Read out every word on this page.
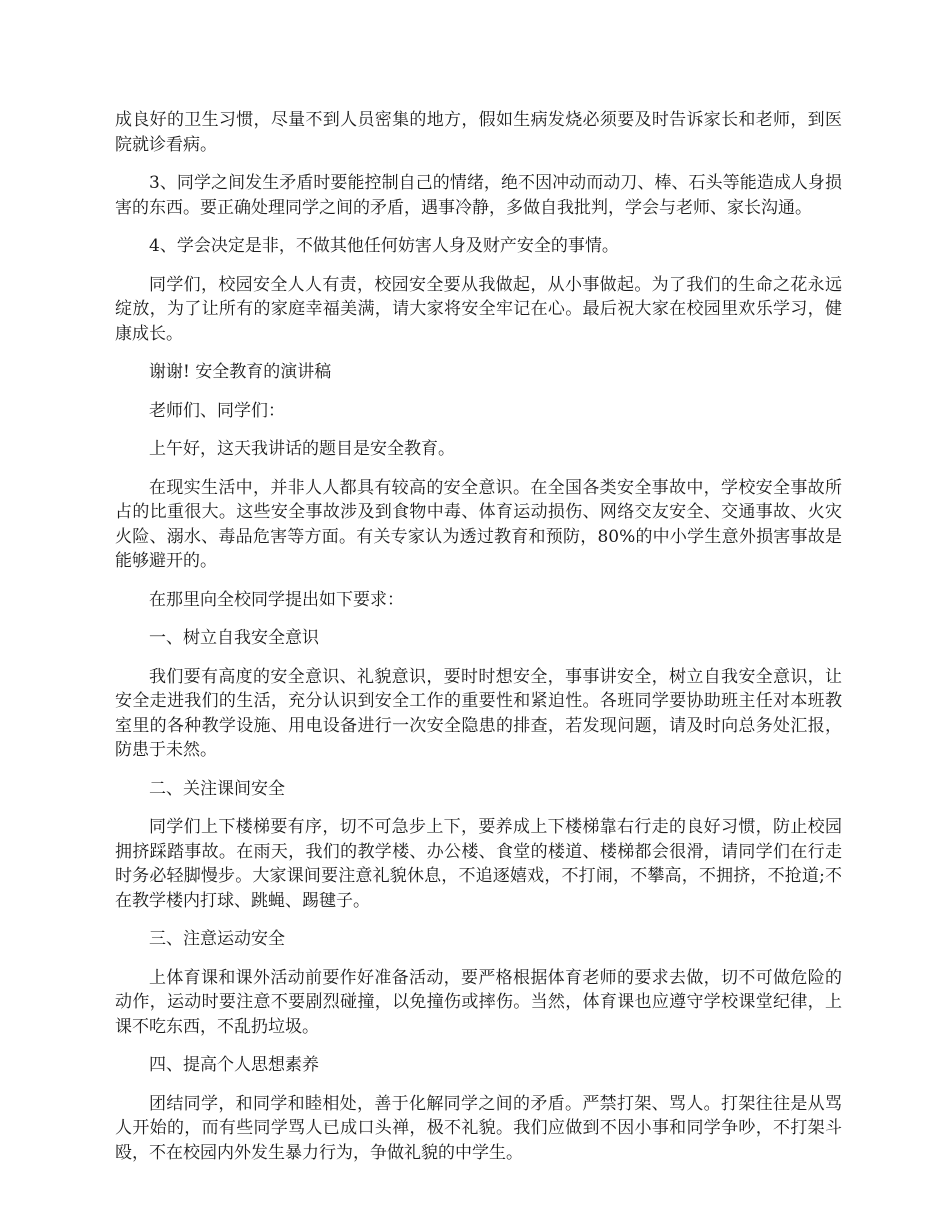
成良好的卫生习惯，尽量不到人员密集的地方，假如生病发烧必须要及时告诉家长和老师，到医院就诊看病。

3、同学之间发生矛盾时要能控制自己的情绪，绝不因冲动而动刀、棒、石头等能造成人身损害的东西。要正确处理同学之间的矛盾，遇事冷静，多做自我批判，学会与老师、家长沟通。

4、学会决定是非，不做其他任何妨害人身及财产安全的事情。

同学们，校园安全人人有责，校园安全要从我做起，从小事做起。为了我们的生命之花永远绽放，为了让所有的家庭幸福美满，请大家将安全牢记在心。最后祝大家在校园里欢乐学习，健康成长。

谢谢! 安全教育的演讲稿

老师们、同学们：

上午好，这天我讲话的题目是安全教育。

在现实生活中，并非人人都具有较高的安全意识。在全国各类安全事故中，学校安全事故所占的比重很大。这些安全事故涉及到食物中毒、体育运动损伤、网络交友安全、交通事故、火灾火险、溺水、毒品危害等方面。有关专家认为透过教育和预防，80%的中小学生意外损害事故是能够避开的。

在那里向全校同学提出如下要求：

一、树立自我安全意识

我们要有高度的安全意识、礼貌意识，要时时想安全，事事讲安全，树立自我安全意识，让安全走进我们的生活，充分认识到安全工作的重要性和紧迫性。各班同学要协助班主任对本班教室里的各种教学设施、用电设备进行一次安全隐患的排查，若发现问题，请及时向总务处汇报，防患于未然。

二、关注课间安全

同学们上下楼梯要有序，切不可急步上下，要养成上下楼梯靠右行走的良好习惯，防止校园拥挤踩踏事故。在雨天，我们的教学楼、办公楼、食堂的楼道、楼梯都会很滑，请同学们在行走时务必轻脚慢步。大家课间要注意礼貌休息，不追逐嬉戏，不打闹，不攀高，不拥挤，不抢道;不在教学楼内打球、跳蝇、踢毽子。

三、注意运动安全

上体育课和课外活动前要作好准备活动，要严格根据体育老师的要求去做，切不可做危险的动作，运动时要注意不要剧烈碰撞，以免撞伤或摔伤。当然，体育课也应遵守学校课堂纪律，上课不吃东西，不乱扔垃圾。

四、提高个人思想素养

团结同学，和同学和睦相处，善于化解同学之间的矛盾。严禁打架、骂人。打架往往是从骂人开始的，而有些同学骂人已成口头禅，极不礼貌。我们应做到不因小事和同学争吵，不打架斗殴，不在校园内外发生暴力行为，争做礼貌的中学生。
